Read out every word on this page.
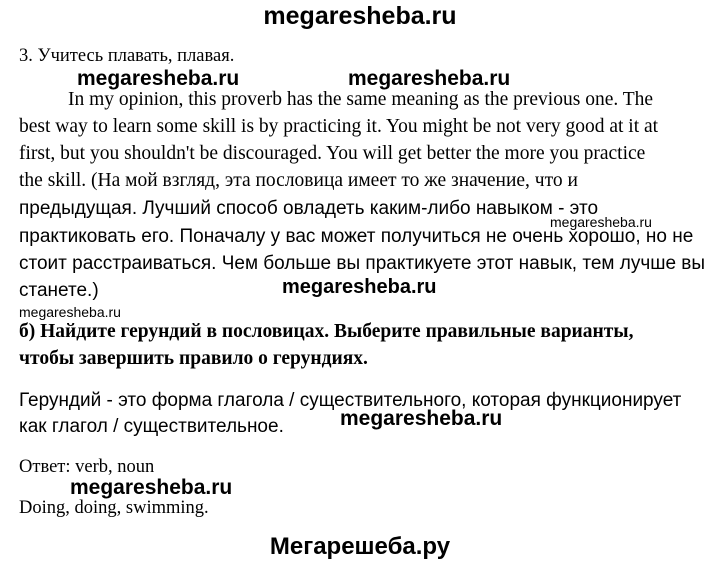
megaresheba.ru
3. Учитесь плавать, плавая.
megaresheba.ru	megaresheba.ru
In my opinion, this proverb has the same meaning as the previous one. The
best way to learn some skill is by practicing it. You might be not very good at it at
first, but you shouldn't be discouraged. You will get better the more you practice
the skill. (На мой взгляд, эта пословица имеет то же значение, что и
предыдущая. Лучший способ овладеть каким-либо навыком - это
megaresheba.ru
практиковать его. Поначалу у вас может получиться не очень хорошо, но не
стоит расстраиваться. Чем больше вы практикуете этот навык, тем лучше вы
станете.)	megaresheba.ru
megaresheba.ru
б) Найдите герундий в пословицах. Выберите правильные варианты,
чтобы завершить правило о герундиях.
Герундий - это форма глагола / существительного, которая функционирует
megaresheba.ru
как глагол / существительное.
Ответ: verb, noun
megaresheba.ru
Doing, doing, swimming.
Мегарешеба.ру
